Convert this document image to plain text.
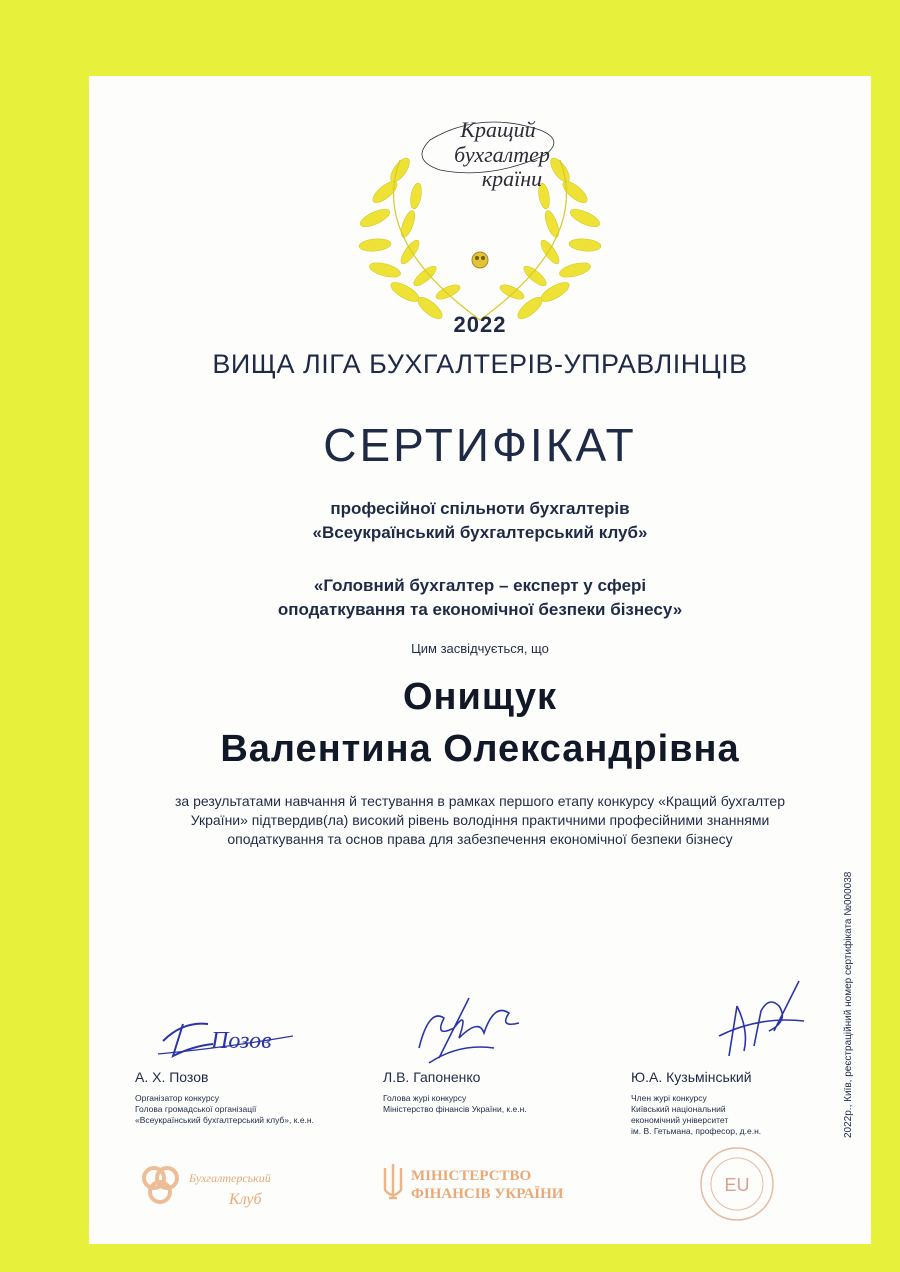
Кращий
бухгалтер
країни
2022
ВИЩА ЛІГА БУХГАЛТЕРІВ-УПРАВЛІНЦІВ
СЕРТИФІКАТ
професійної спільноти бухгалтерів
«Всеукраїнський бухгалтерський клуб»
«Головний бухгалтер – експерт у сфері
оподаткування та економічної безпеки бізнесу»
Цим засвідчується, що
Онищук
Валентина Олександрівна
за результатами навчання й тестування в рамках першого етапу конкурсу «Кращий бухгалтер
України» підтвердив(ла) високий рівень володіння практичними професійними знаннями
оподаткування та основ права для забезпечення економічної безпеки бізнесу
2022р., Київ, реєстраційний номер сертифіката №000038
Позов
А. Х. Позов
Організатор конкурсу
Голова громадської організації
«Всеукраїнський бухгалтерський клуб», к.е.н.
Л.В. Гапоненко
Голова журі конкурсу
Міністерство фінансів України, к.е.н.
Ю.А. Кузьмінський
Член журі конкурсу
Київський національний
економічний університет
ім. В. Гетьмана, професор, д.е.н.
Бухгалтерський
Клуб
МІНІСТЕРСТВО
ФІНАНСІВ УКРАЇНИ	EU
